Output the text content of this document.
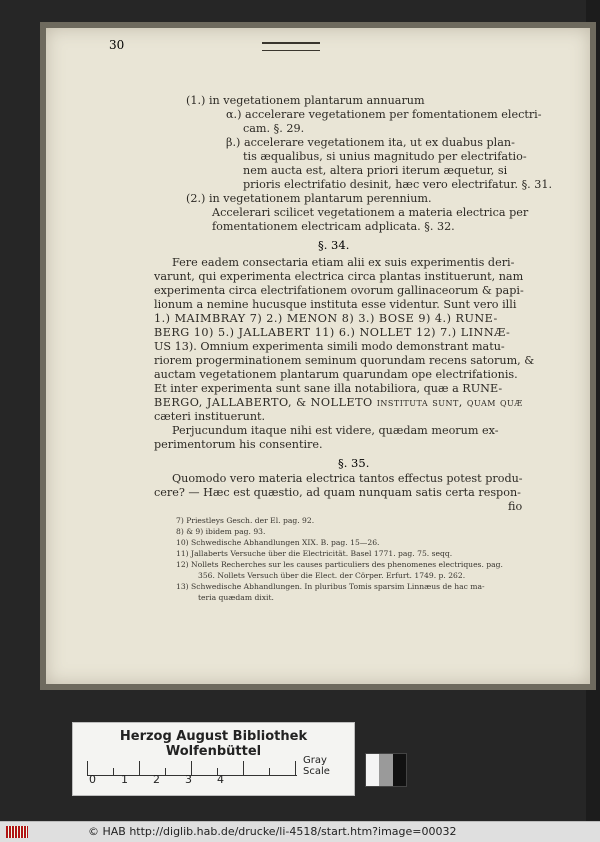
30
(1.) in vegetationem plantarum annuarum
α.) accelerare vegetationem per fomentationem electri-
cam. §. 29.
β.) accelerare vegetationem ita, ut ex duabus plan-
tis æqualibus, si unius magnitudo per electrifatio-
nem aucta est, altera priori iterum æquetur, si
prioris electrifatio desinit, hæc vero electrifatur. §. 31.
(2.) in vegetationem plantarum perennium.
Accelerari scilicet vegetationem a materia electrica per
fomentationem electricam adplicata. §. 32.
§. 34.
Fere eadem consectaria etiam alii ex suis experimentis deri-
varunt, qui experimenta electrica circa plantas instituerunt, nam
experimenta circa electrifationem ovorum gallinaceorum & papi-
lionum a nemine hucusque instituta esse videntur. Sunt vero illi
1.) MAIMBRAY 7) 2.) MENON 8) 3.) BOSE 9) 4.) RUNE-
BERG 10) 5.) JALLABERT 11) 6.) NOLLET 12) 7.) LINNÆ-
US 13). Omnium experimenta simili modo demonstrant matu-
riorem progerminationem seminum quorundam recens satorum, &
auctam vegetationem plantarum quarundam ope electrifationis.
Et inter experimenta sunt sane illa notabiliora, quæ a RUNE-
BERGO, JALLABERTO, & NOLLETO instituta sunt, quam quæ
cæteri instituerunt.
Perjucundum itaque nihi est videre, quædam meorum ex-
perimentorum his consentire.
§. 35.
Quomodo vero materia electrica tantos effectus potest produ-
cere? — Hæc est quæstio, ad quam nunquam satis certa respon-
fio
7) Priestleys Gesch. der El. pag. 92.
8) & 9) ibidem pag. 93.
10) Schwedische Abhandlungen XIX. B. pag. 15—26.
11) Jallaberts Versuche über die Electricität. Basel 1771. pag. 75. seqq.
12) Nollets Recherches sur les causes particuliers des phenomenes electriques. pag.
356. Nollets Versuch über die Elect. der Cörper. Erfurt. 1749. p. 262.
13) Schwedische Abhandlungen. In pluribus Tomis sparsim Linnæus de hac ma-
teria quædam dixit.
Herzog August Bibliothek Wolfenbüttel
0 1 2 3 4
Gray Scale
© HAB http://diglib.hab.de/drucke/li-4518/start.htm?image=00032
